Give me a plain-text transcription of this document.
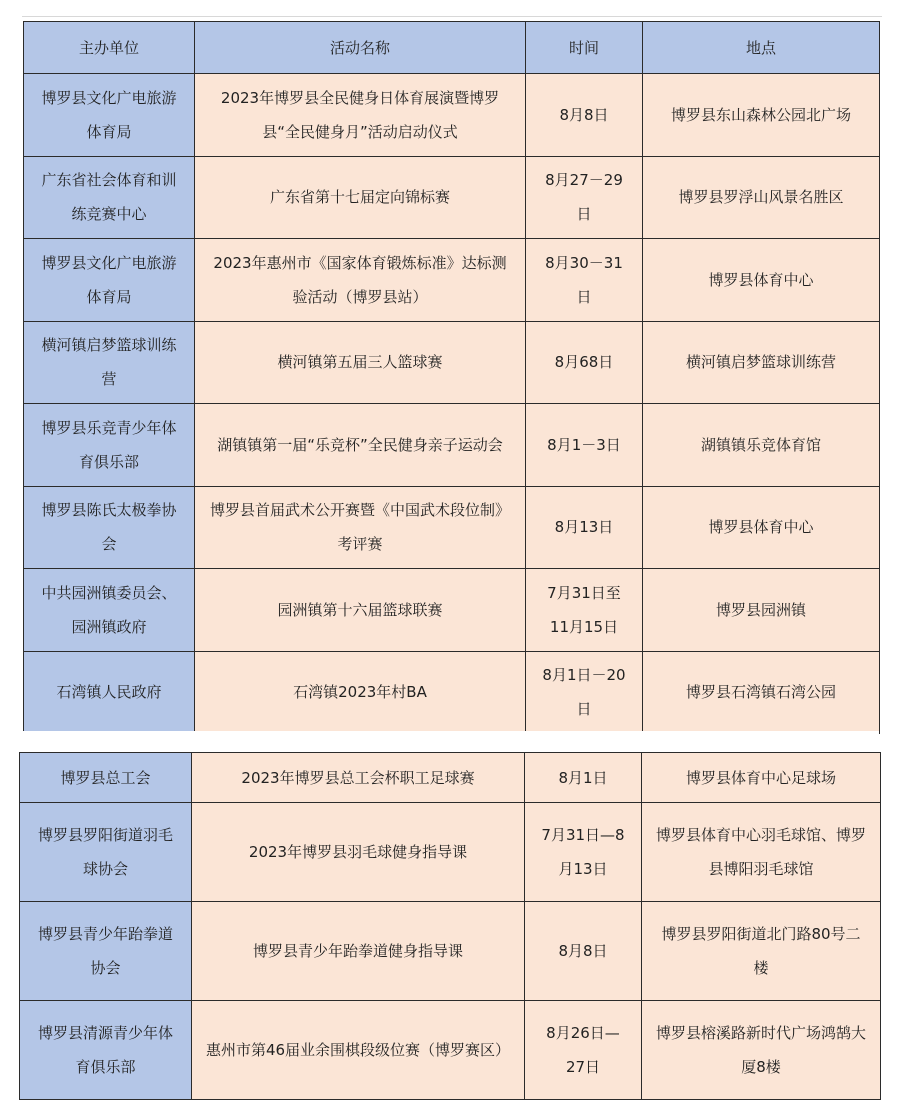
主办单位	活动名称	时间	地点
博罗县文化广电旅游体育局	2023年博罗县全民健身日体育展演暨博罗县“全民健身月”活动启动仪式	8月8日	博罗县东山森林公园北广场
广东省社会体育和训练竞赛中心	广东省第十七届定向锦标赛	8月27－29日	博罗县罗浮山风景名胜区
博罗县文化广电旅游体育局	2023年惠州市《国家体育锻炼标准》达标测验活动（博罗县站）	8月30－31日	博罗县体育中心
横河镇启梦篮球训练营	横河镇第五届三人篮球赛	8月68日	横河镇启梦篮球训练营
博罗县乐竞青少年体育俱乐部	湖镇镇第一届“乐竞杯”全民健身亲子运动会	8月1－3日	湖镇镇乐竞体育馆
博罗县陈氏太极拳协会	博罗县首届武术公开赛暨《中国武术段位制》考评赛	8月13日	博罗县体育中心
中共园洲镇委员会、园洲镇政府	园洲镇第十六届篮球联赛	7月31日至11月15日	博罗县园洲镇
石湾镇人民政府	石湾镇2023年村BA	8月1日－20日	博罗县石湾镇石湾公园
博罗县总工会	2023年博罗县总工会杯职工足球赛	8月1日	博罗县体育中心足球场
博罗县罗阳街道羽毛球协会	2023年博罗县羽毛球健身指导课	7月31日—8月13日	博罗县体育中心羽毛球馆、博罗县博阳羽毛球馆
博罗县青少年跆拳道协会	博罗县青少年跆拳道健身指导课	8月8日	博罗县罗阳街道北门路80号二楼
博罗县清源青少年体育俱乐部	惠州市第46届业余围棋段级位赛（博罗赛区）	8月26日—27日	博罗县榕溪路新时代广场鸿鹄大厦8楼
